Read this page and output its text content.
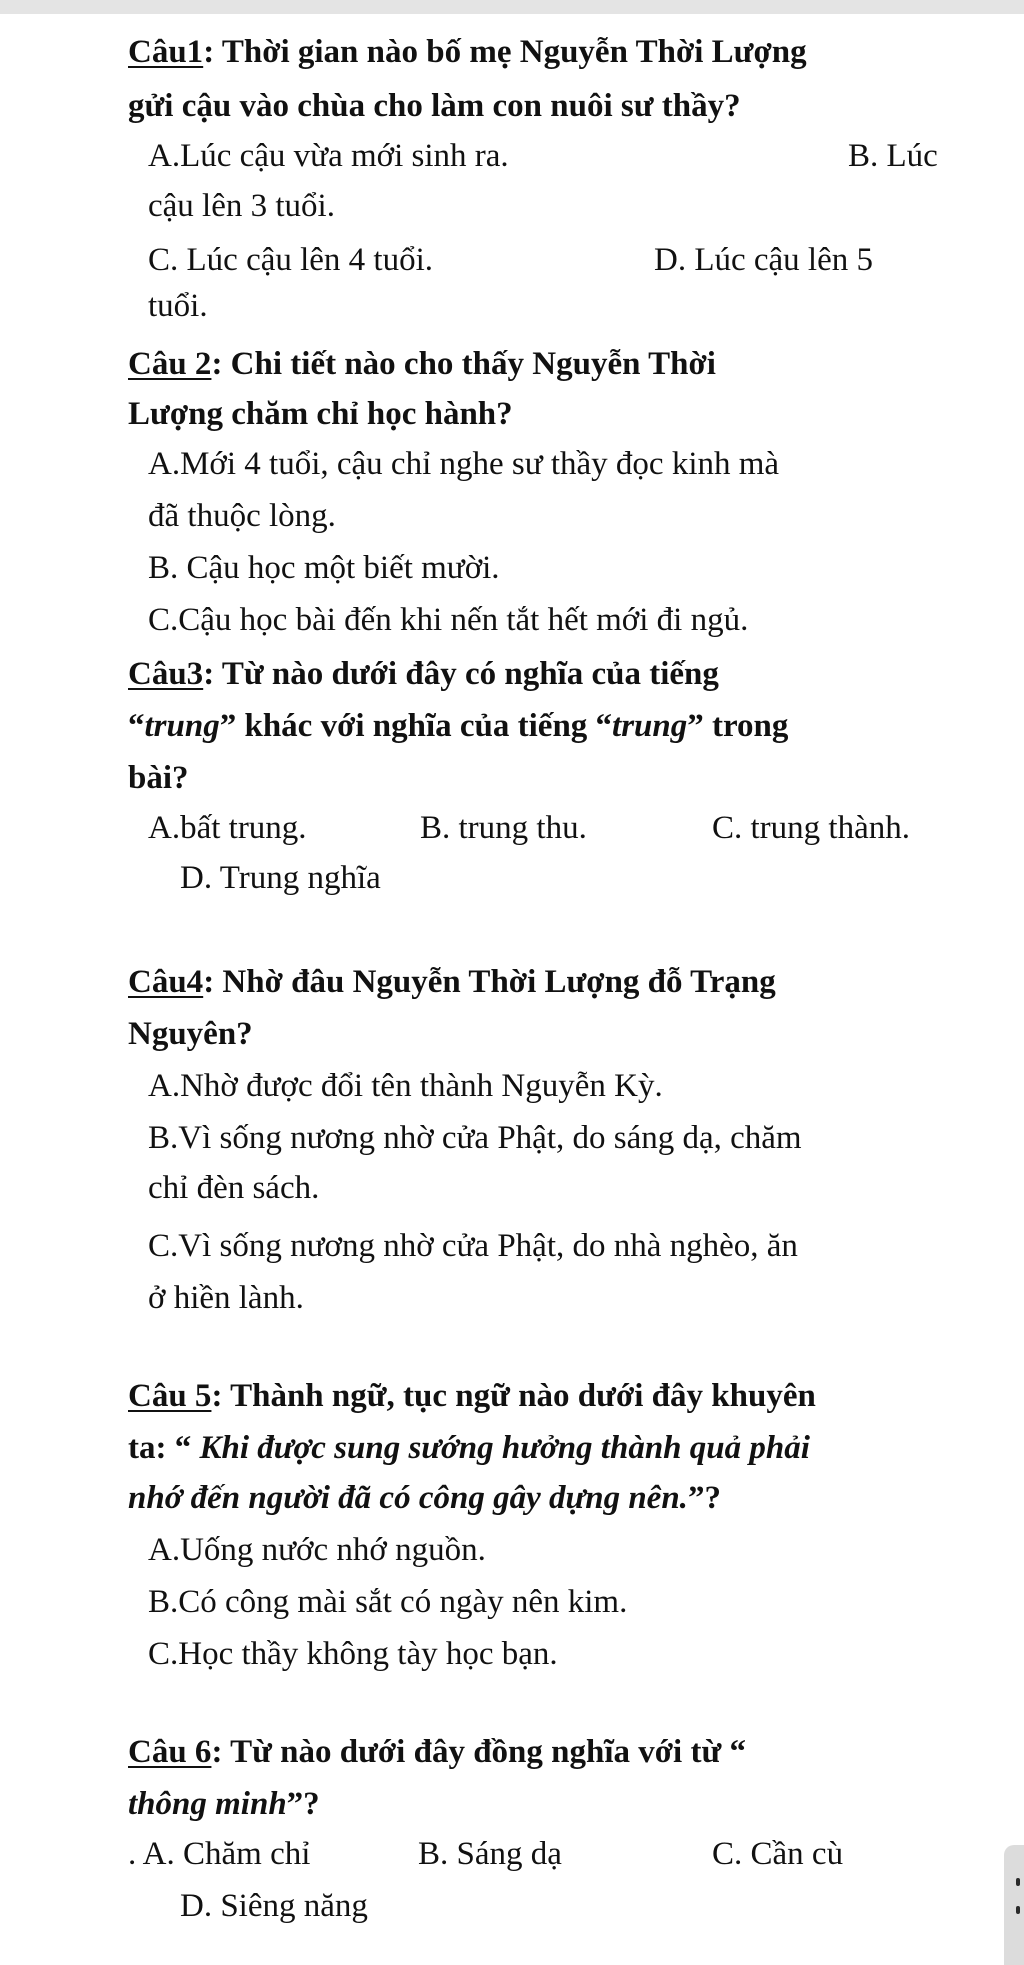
Câu1: Thời gian nào bố mẹ Nguyễn Thời Lượng
gửi cậu vào chùa cho làm con nuôi sư thầy?
A.Lúc cậu vừa mới sinh ra.	B. Lúc
cậu lên 3 tuổi.
C. Lúc cậu lên 4 tuổi.	D. Lúc cậu lên 5
tuổi.
Câu 2: Chi tiết nào cho thấy Nguyễn Thời
Lượng chăm chỉ học hành?
A.Mới 4 tuổi, cậu chỉ nghe sư thầy đọc kinh mà
đã thuộc lòng.
B. Cậu học một biết mười.
C.Cậu học bài đến khi nến tắt hết mới đi ngủ.
Câu3: Từ nào dưới đây có nghĩa của tiếng
“trung” khác với nghĩa của tiếng “trung” trong
bài?
A.bất trung.	B. trung thu.	C. trung thành.
D. Trung nghĩa
Câu4: Nhờ đâu Nguyễn Thời Lượng đỗ Trạng
Nguyên?
A.Nhờ được đổi tên thành Nguyễn Kỳ.
B.Vì sống nương nhờ cửa Phật, do sáng dạ, chăm
chỉ đèn sách.
C.Vì sống nương nhờ cửa Phật, do nhà nghèo, ăn
ở hiền lành.
Câu 5: Thành ngữ, tục ngữ nào dưới đây khuyên
ta: “ Khi được sung sướng hưởng thành quả phải
nhớ đến người đã có công gây dựng nên.”?
A.Uống nước nhớ nguồn.
B.Có công mài sắt có ngày nên kim.
C.Học thầy không tày học bạn.
Câu 6: Từ nào dưới đây đồng nghĩa với từ “
thông minh”?
. A. Chăm chỉ	B. Sáng dạ	C. Cần cù
D. Siêng năng
